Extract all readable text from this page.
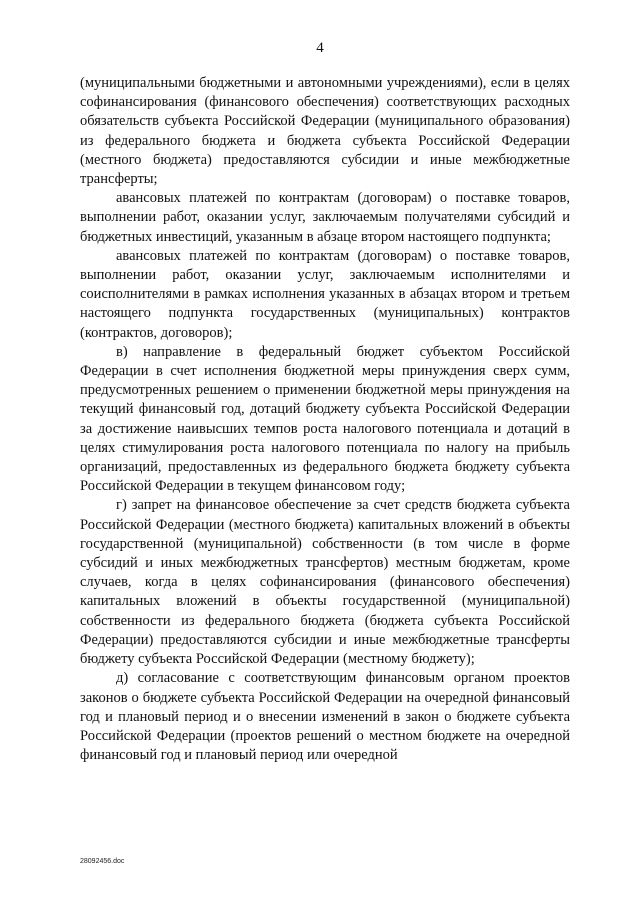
4

(муниципальными бюджетными и автономными учреждениями), если в целях софинансирования (финансового обеспечения) соответствующих расходных обязательств субъекта Российской Федерации (муниципального образования) из федерального бюджета и бюджета субъекта Российской Федерации (местного бюджета) предоставляются субсидии и иные межбюджетные трансферты;

авансовых платежей по контрактам (договорам) о поставке товаров, выполнении работ, оказании услуг, заключаемым получателями субсидий и бюджетных инвестиций, указанным в абзаце втором настоящего подпункта;

авансовых платежей по контрактам (договорам) о поставке товаров, выполнении работ, оказании услуг, заключаемым исполнителями и соисполнителями в рамках исполнения указанных в абзацах втором и третьем настоящего подпункта государственных (муниципальных) контрактов (контрактов, договоров);

в) направление в федеральный бюджет субъектом Российской Федерации в счет исполнения бюджетной меры принуждения сверх сумм, предусмотренных решением о применении бюджетной меры принуждения на текущий финансовый год, дотаций бюджету субъекта Российской Федерации за достижение наивысших темпов роста налогового потенциала и дотаций в целях стимулирования роста налогового потенциала по налогу на прибыль организаций, предоставленных из федерального бюджета бюджету субъекта Российской Федерации в текущем финансовом году;

г) запрет на финансовое обеспечение за счет средств бюджета субъекта Российской Федерации (местного бюджета) капитальных вложений в объекты государственной (муниципальной) собственности (в том числе в форме субсидий и иных межбюджетных трансфертов) местным бюджетам, кроме случаев, когда в целях софинансирования (финансового обеспечения) капитальных вложений в объекты государственной (муниципальной) собственности из федерального бюджета (бюджета субъекта Российской Федерации) предоставляются субсидии и иные межбюджетные трансферты бюджету субъекта Российской Федерации (местному бюджету);

д) согласование с соответствующим финансовым органом проектов законов о бюджете субъекта Российской Федерации на очередной финансовый год и плановый период и о внесении изменений в закон о бюджете субъекта Российской Федерации (проектов решений о местном бюджете на очередной финансовый год и плановый период или очередной

28092456.doc
